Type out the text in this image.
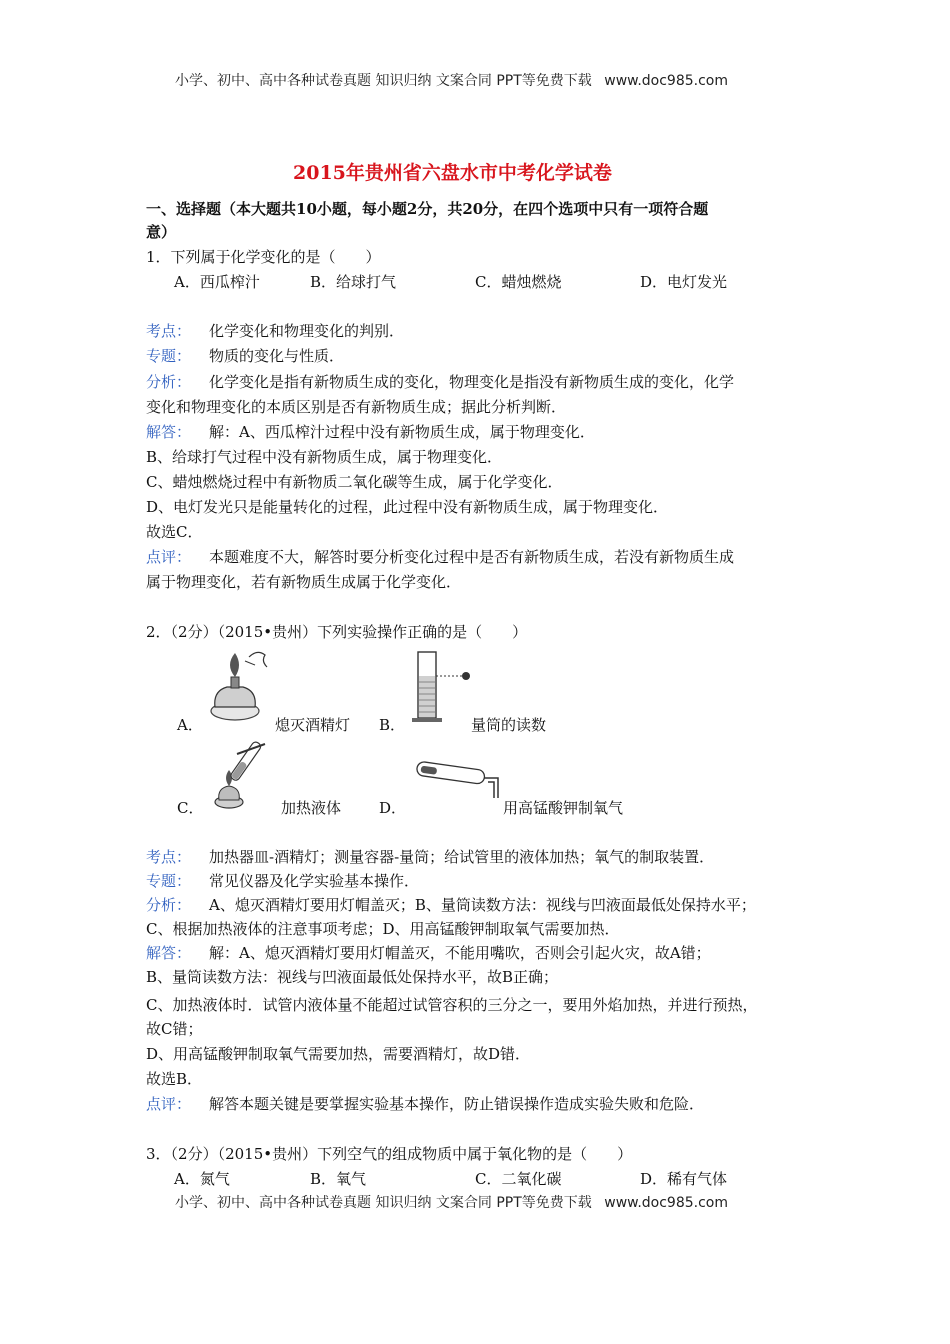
小学、初中、高中各种试卷真题 知识归纳 文案合同 PPT等免费下载 www.doc985.com
2015年贵州省六盘水市中考化学试卷
一、选择题（本大题共10小题，每小题2分，共20分，在四个选项中只有一项符合题
意）
1．下列属于化学变化的是（　　）
A．西瓜榨汁	B．给球打气	C．蜡烛燃烧	D．电灯发光
考点： 化学变化和物理变化的判别．
专题： 物质的变化与性质．
分析： 化学变化是指有新物质生成的变化，物理变化是指没有新物质生成的变化，化学
变化和物理变化的本质区别是否有新物质生成；据此分析判断．
解答： 解：A、西瓜榨汁过程中没有新物质生成，属于物理变化．
B、给球打气过程中没有新物质生成，属于物理变化．
C、蜡烛燃烧过程中有新物质二氧化碳等生成，属于化学变化．
D、电灯发光只是能量转化的过程，此过程中没有新物质生成，属于物理变化．
故选C．
点评： 本题难度不大，解答时要分析变化过程中是否有新物质生成，若没有新物质生成
属于物理变化，若有新物质生成属于化学变化．
2．（2分）（2015•贵州）下列实验操作正确的是（　　）
A．	熄灭酒精灯 B．	量筒的读数
C．	加热液体	D．	用高锰酸钾制氧气
考点： 加热器皿-酒精灯；测量容器-量筒；给试管里的液体加热；氧气的制取装置．
专题： 常见仪器及化学实验基本操作．
分析： A、熄灭酒精灯要用灯帽盖灭；B、量筒读数方法：视线与凹液面最低处保持水平；
C、根据加热液体的注意事项考虑；D、用高锰酸钾制取氧气需要加热．
解答： 解：A、熄灭酒精灯要用灯帽盖灭，不能用嘴吹，否则会引起火灾，故A错；
B、量筒读数方法：视线与凹液面最低处保持水平，故B正确；
C、加热液体时．试管内液体量不能超过试管容积的三分之一，要用外焰加热，并进行预热，
故C错；
D、用高锰酸钾制取氧气需要加热，需要酒精灯，故D错．
故选B．
点评： 解答本题关键是要掌握实验基本操作，防止错误操作造成实验失败和危险．
3．（2分）（2015•贵州）下列空气的组成物质中属于氧化物的是（　　）
A．氮气	B．氧气	C．二氧化碳	D．稀有气体
小学、初中、高中各种试卷真题 知识归纳 文案合同 PPT等免费下载 www.doc985.com
